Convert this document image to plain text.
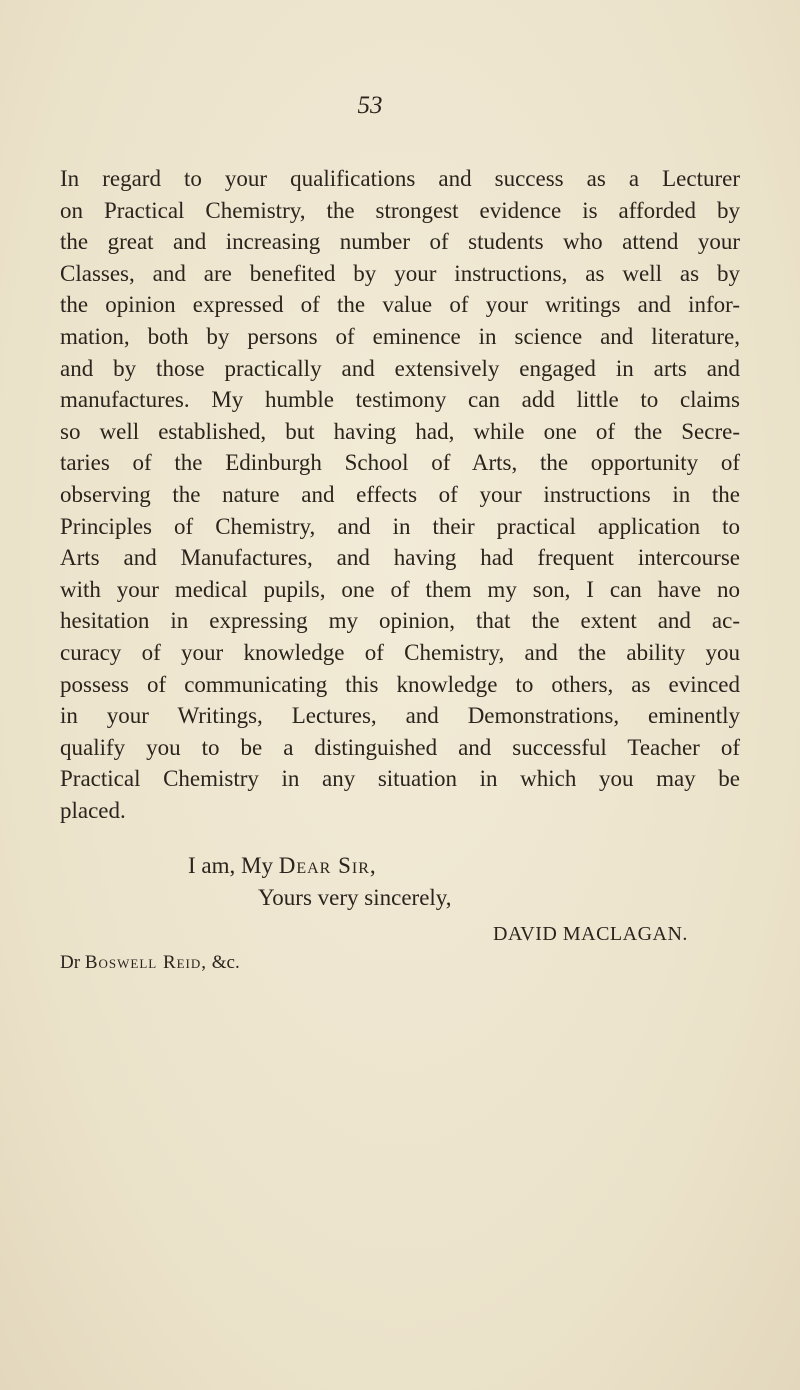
53

In regard to your qualifications and success as a Lecturer
on Practical Chemistry, the strongest evidence is afforded by
the great and increasing number of students who attend your
Classes, and are benefited by your instructions, as well as by
the opinion expressed of the value of your writings and infor-
mation, both by persons of eminence in science and literature,
and by those practically and extensively engaged in arts and
manufactures. My humble testimony can add little to claims
so well established, but having had, while one of the Secre-
taries of the Edinburgh School of Arts, the opportunity of
observing the nature and effects of your instructions in the
Principles of Chemistry, and in their practical application to
Arts and Manufactures, and having had frequent intercourse
with your medical pupils, one of them my son, I can have no
hesitation in expressing my opinion, that the extent and ac-
curacy of your knowledge of Chemistry, and the ability you
possess of communicating this knowledge to others, as evinced
in your Writings, Lectures, and Demonstrations, eminently
qualify you to be a distinguished and successful Teacher of
Practical Chemistry in any situation in which you may be
placed.

I am, My Dear Sir,
Yours very sincerely,
DAVID MACLAGAN.
Dr Boswell Reid, &c.
